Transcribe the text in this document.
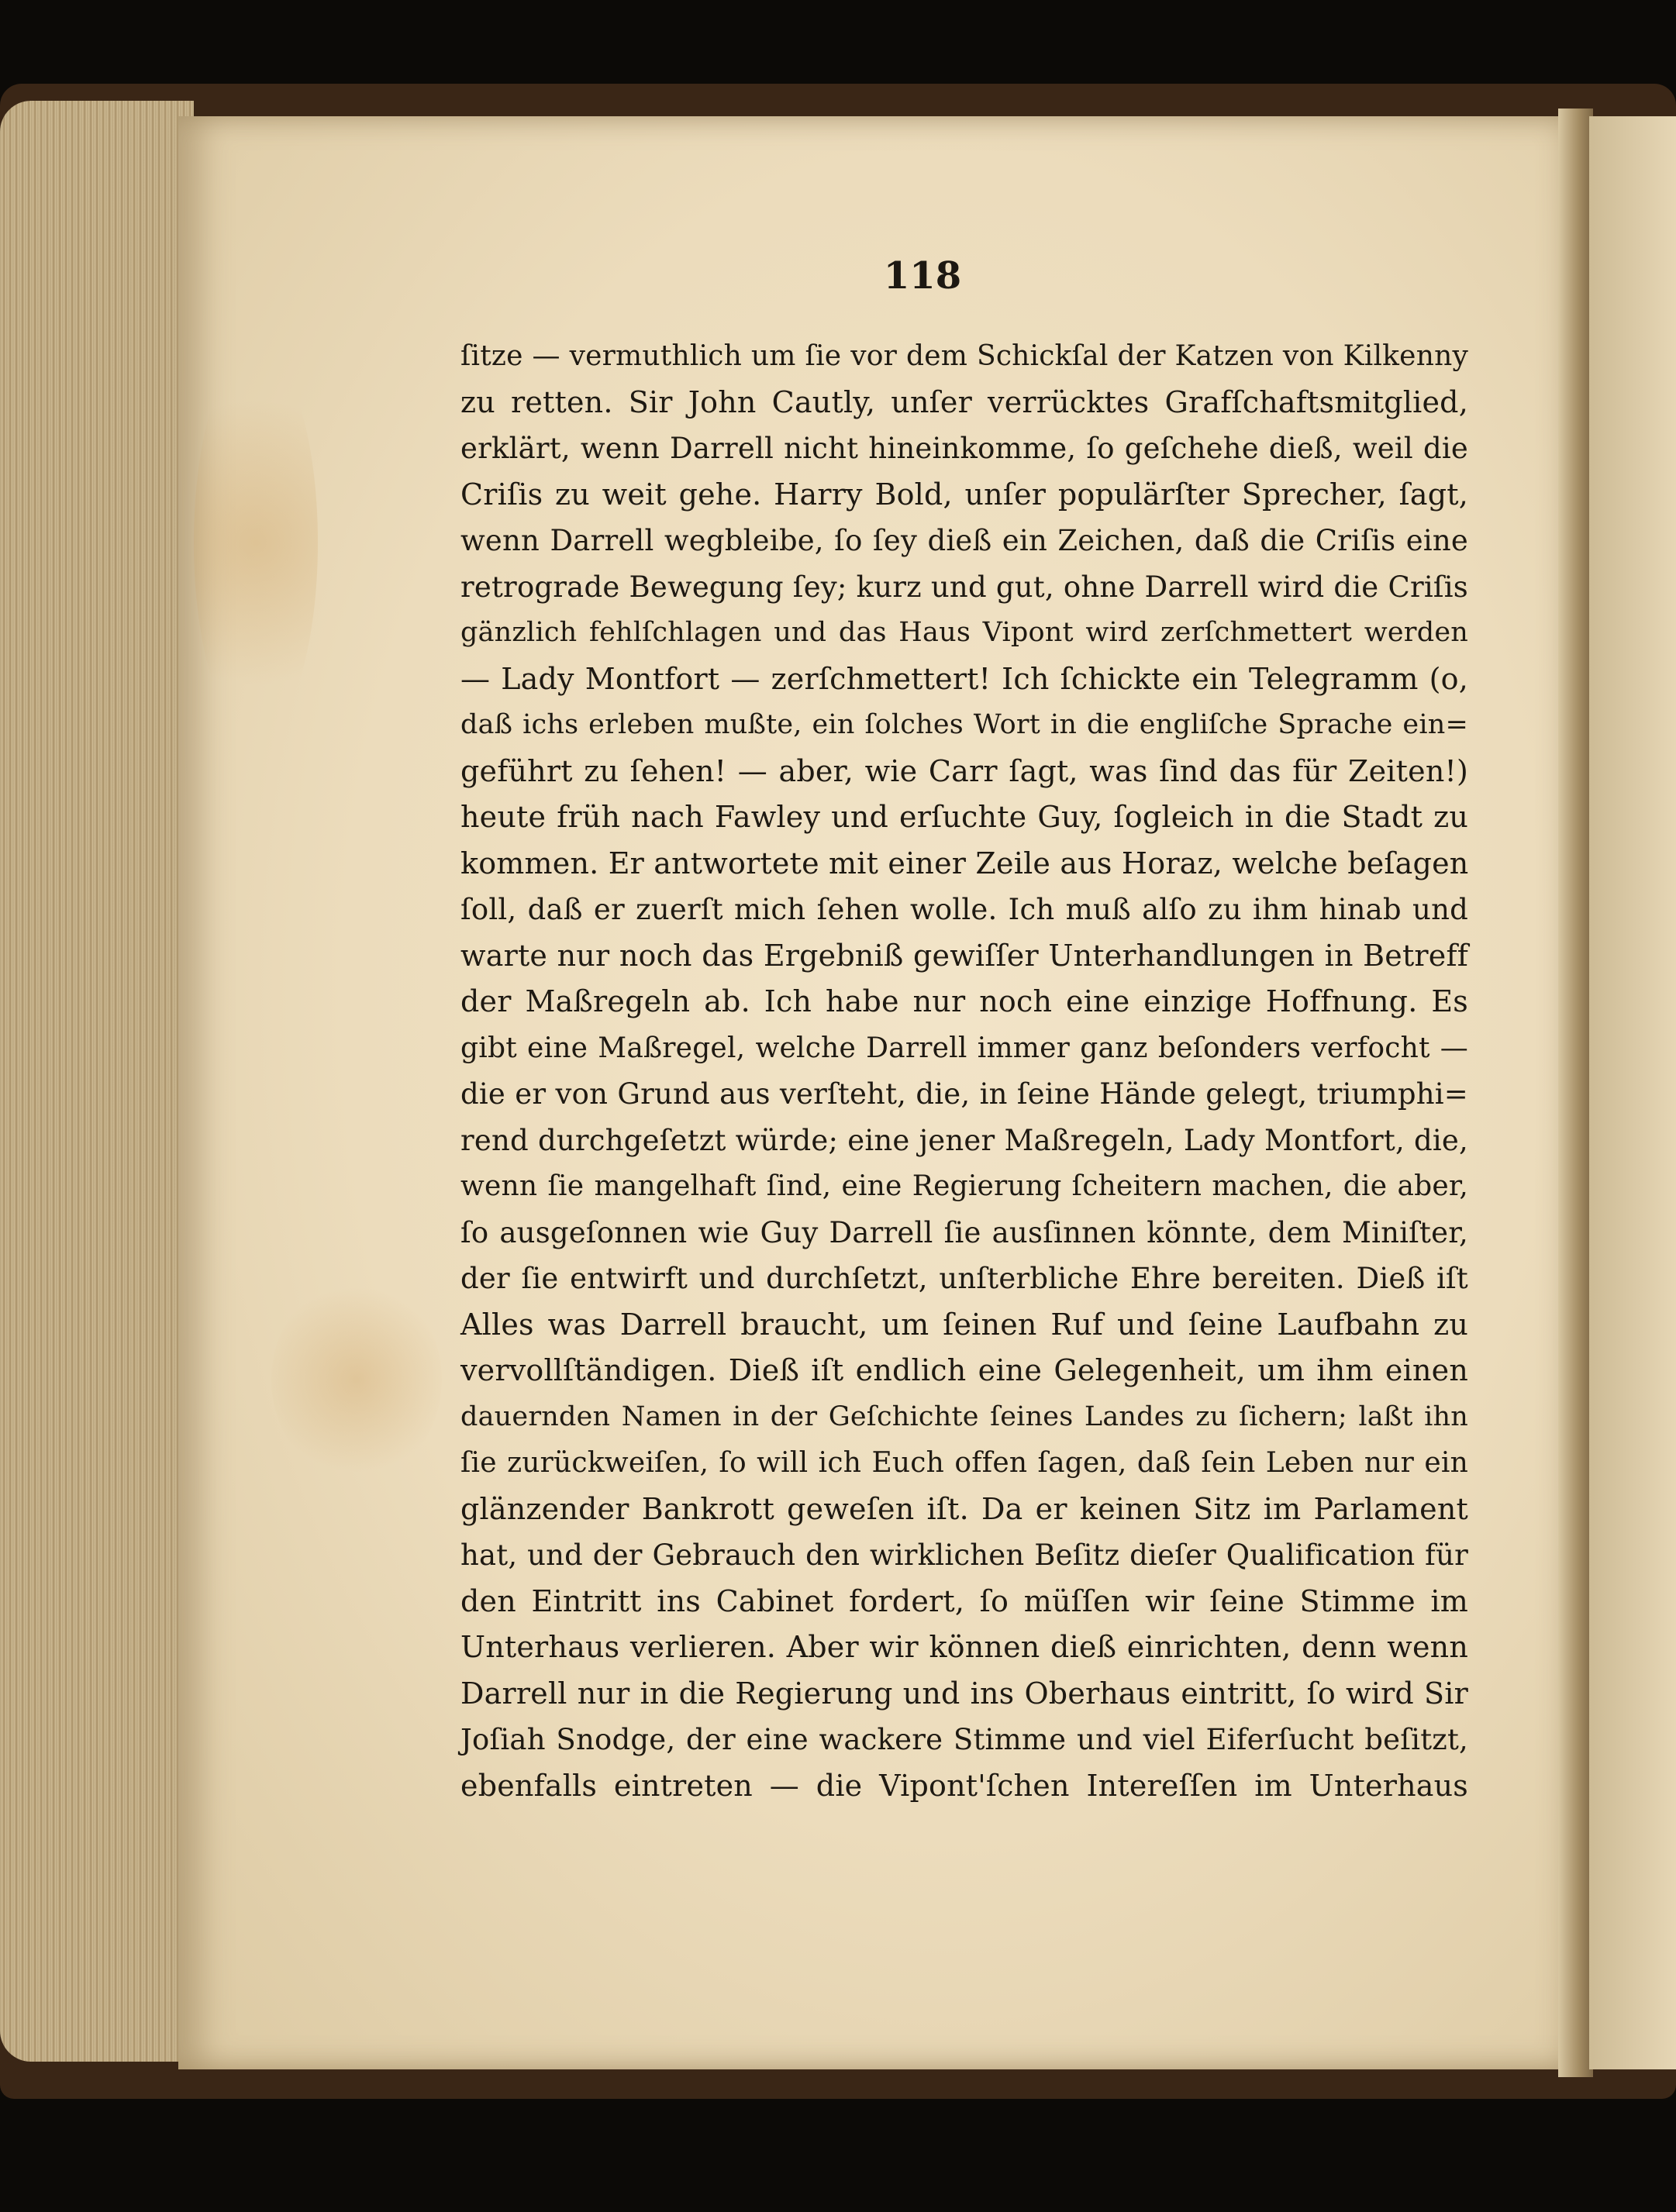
118
ſitze — vermuthlich um ſie vor dem Schickſal der Katzen von Kilkenny
zu retten. Sir John Cautly, unſer verrücktes Grafſchaftsmitglied,
erklärt, wenn Darrell nicht hineinkomme, ſo geſchehe dieß, weil die
Criſis zu weit gehe. Harry Bold, unſer populärſter Sprecher, ſagt,
wenn Darrell wegbleibe, ſo ſey dieß ein Zeichen, daß die Criſis eine
retrograde Bewegung ſey; kurz und gut, ohne Darrell wird die Criſis
gänzlich fehlſchlagen und das Haus Vipont wird zerſchmettert werden
— Lady Montfort — zerſchmettert! Ich ſchickte ein Telegramm (o,
daß ichs erleben mußte, ein ſolches Wort in die engliſche Sprache ein=
geführt zu ſehen! — aber, wie Carr ſagt, was ſind das für Zeiten!)
heute früh nach Fawley und erſuchte Guy, ſogleich in die Stadt zu
kommen. Er antwortete mit einer Zeile aus Horaz, welche beſagen
ſoll, daß er zuerſt mich ſehen wolle. Ich muß alſo zu ihm hinab und
warte nur noch das Ergebniß gewiſſer Unterhandlungen in Betreff
der Maßregeln ab. Ich habe nur noch eine einzige Hoffnung. Es
gibt eine Maßregel, welche Darrell immer ganz beſonders verfocht —
die er von Grund aus verſteht, die, in ſeine Hände gelegt, triumphi=
rend durchgeſetzt würde; eine jener Maßregeln, Lady Montfort, die,
wenn ſie mangelhaft ſind, eine Regierung ſcheitern machen, die aber,
ſo ausgeſonnen wie Guy Darrell ſie ausſinnen könnte, dem Miniſter,
der ſie entwirft und durchſetzt, unſterbliche Ehre bereiten. Dieß iſt
Alles was Darrell braucht, um ſeinen Ruf und ſeine Laufbahn zu
vervollſtändigen. Dieß iſt endlich eine Gelegenheit, um ihm einen
dauernden Namen in der Geſchichte ſeines Landes zu ſichern; laßt ihn
ſie zurückweiſen, ſo will ich Euch offen ſagen, daß ſein Leben nur ein
glänzender Bankrott geweſen iſt. Da er keinen Sitz im Parlament
hat, und der Gebrauch den wirklichen Beſitz dieſer Qualification für
den Eintritt ins Cabinet fordert, ſo müſſen wir ſeine Stimme im
Unterhaus verlieren. Aber wir können dieß einrichten, denn wenn
Darrell nur in die Regierung und ins Oberhaus eintritt, ſo wird Sir
Joſiah Snodge, der eine wackere Stimme und viel Eiferſucht beſitzt,
ebenfalls eintreten — die Vipont'ſchen Intereſſen im Unterhaus
